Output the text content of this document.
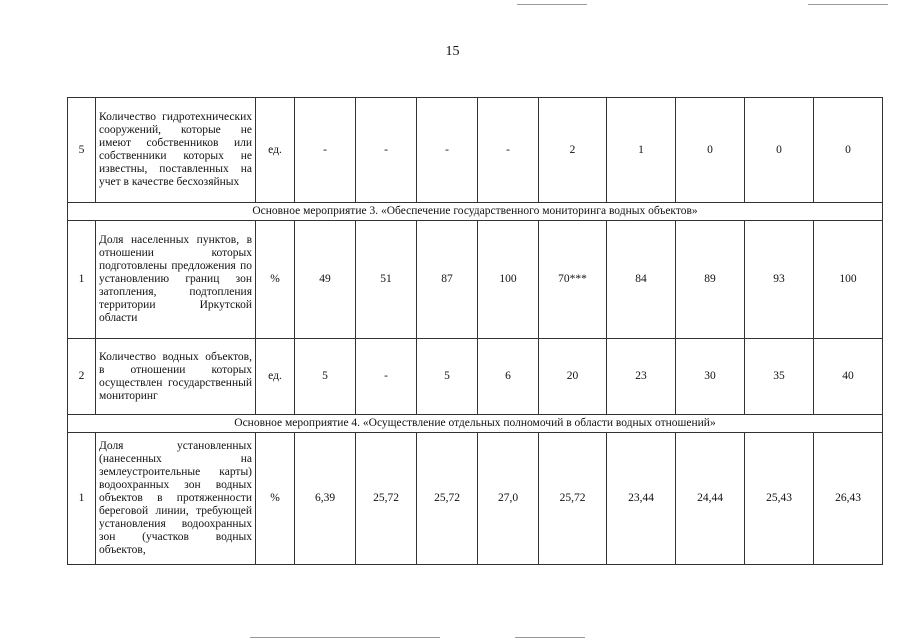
15
5	Количество гидротехнических сооружений, которые не имеют собственников или собственники которых не известны, поставленных на учет в качестве бесхозяйных	ед.	-	-	-	-	2	1	0	0	0
Основное мероприятие 3. «Обеспечение государственного мониторинга водных объектов»											
1	Доля населенных пунктов, в отношении которых подготовлены предложения по установлению границ зон затопления, подтопления территории Иркутской области	%	49	51	87	100	70***	84	89	93	100
2	Количество водных объектов, в отношении которых осуществлен государственный мониторинг	ед.	5	-	5	6	20	23	30	35	40
Основное мероприятие 4. «Осуществление отдельных полномочий в области водных отношений»											
1	Доля установленных (нанесенных на землеустроительные карты) водоохранных зон водных объектов в протяженности береговой линии, требующей установления водоохранных зон (участков водных объектов,	%	6,39	25,72	25,72	27,0	25,72	23,44	24,44	25,43	26,43
